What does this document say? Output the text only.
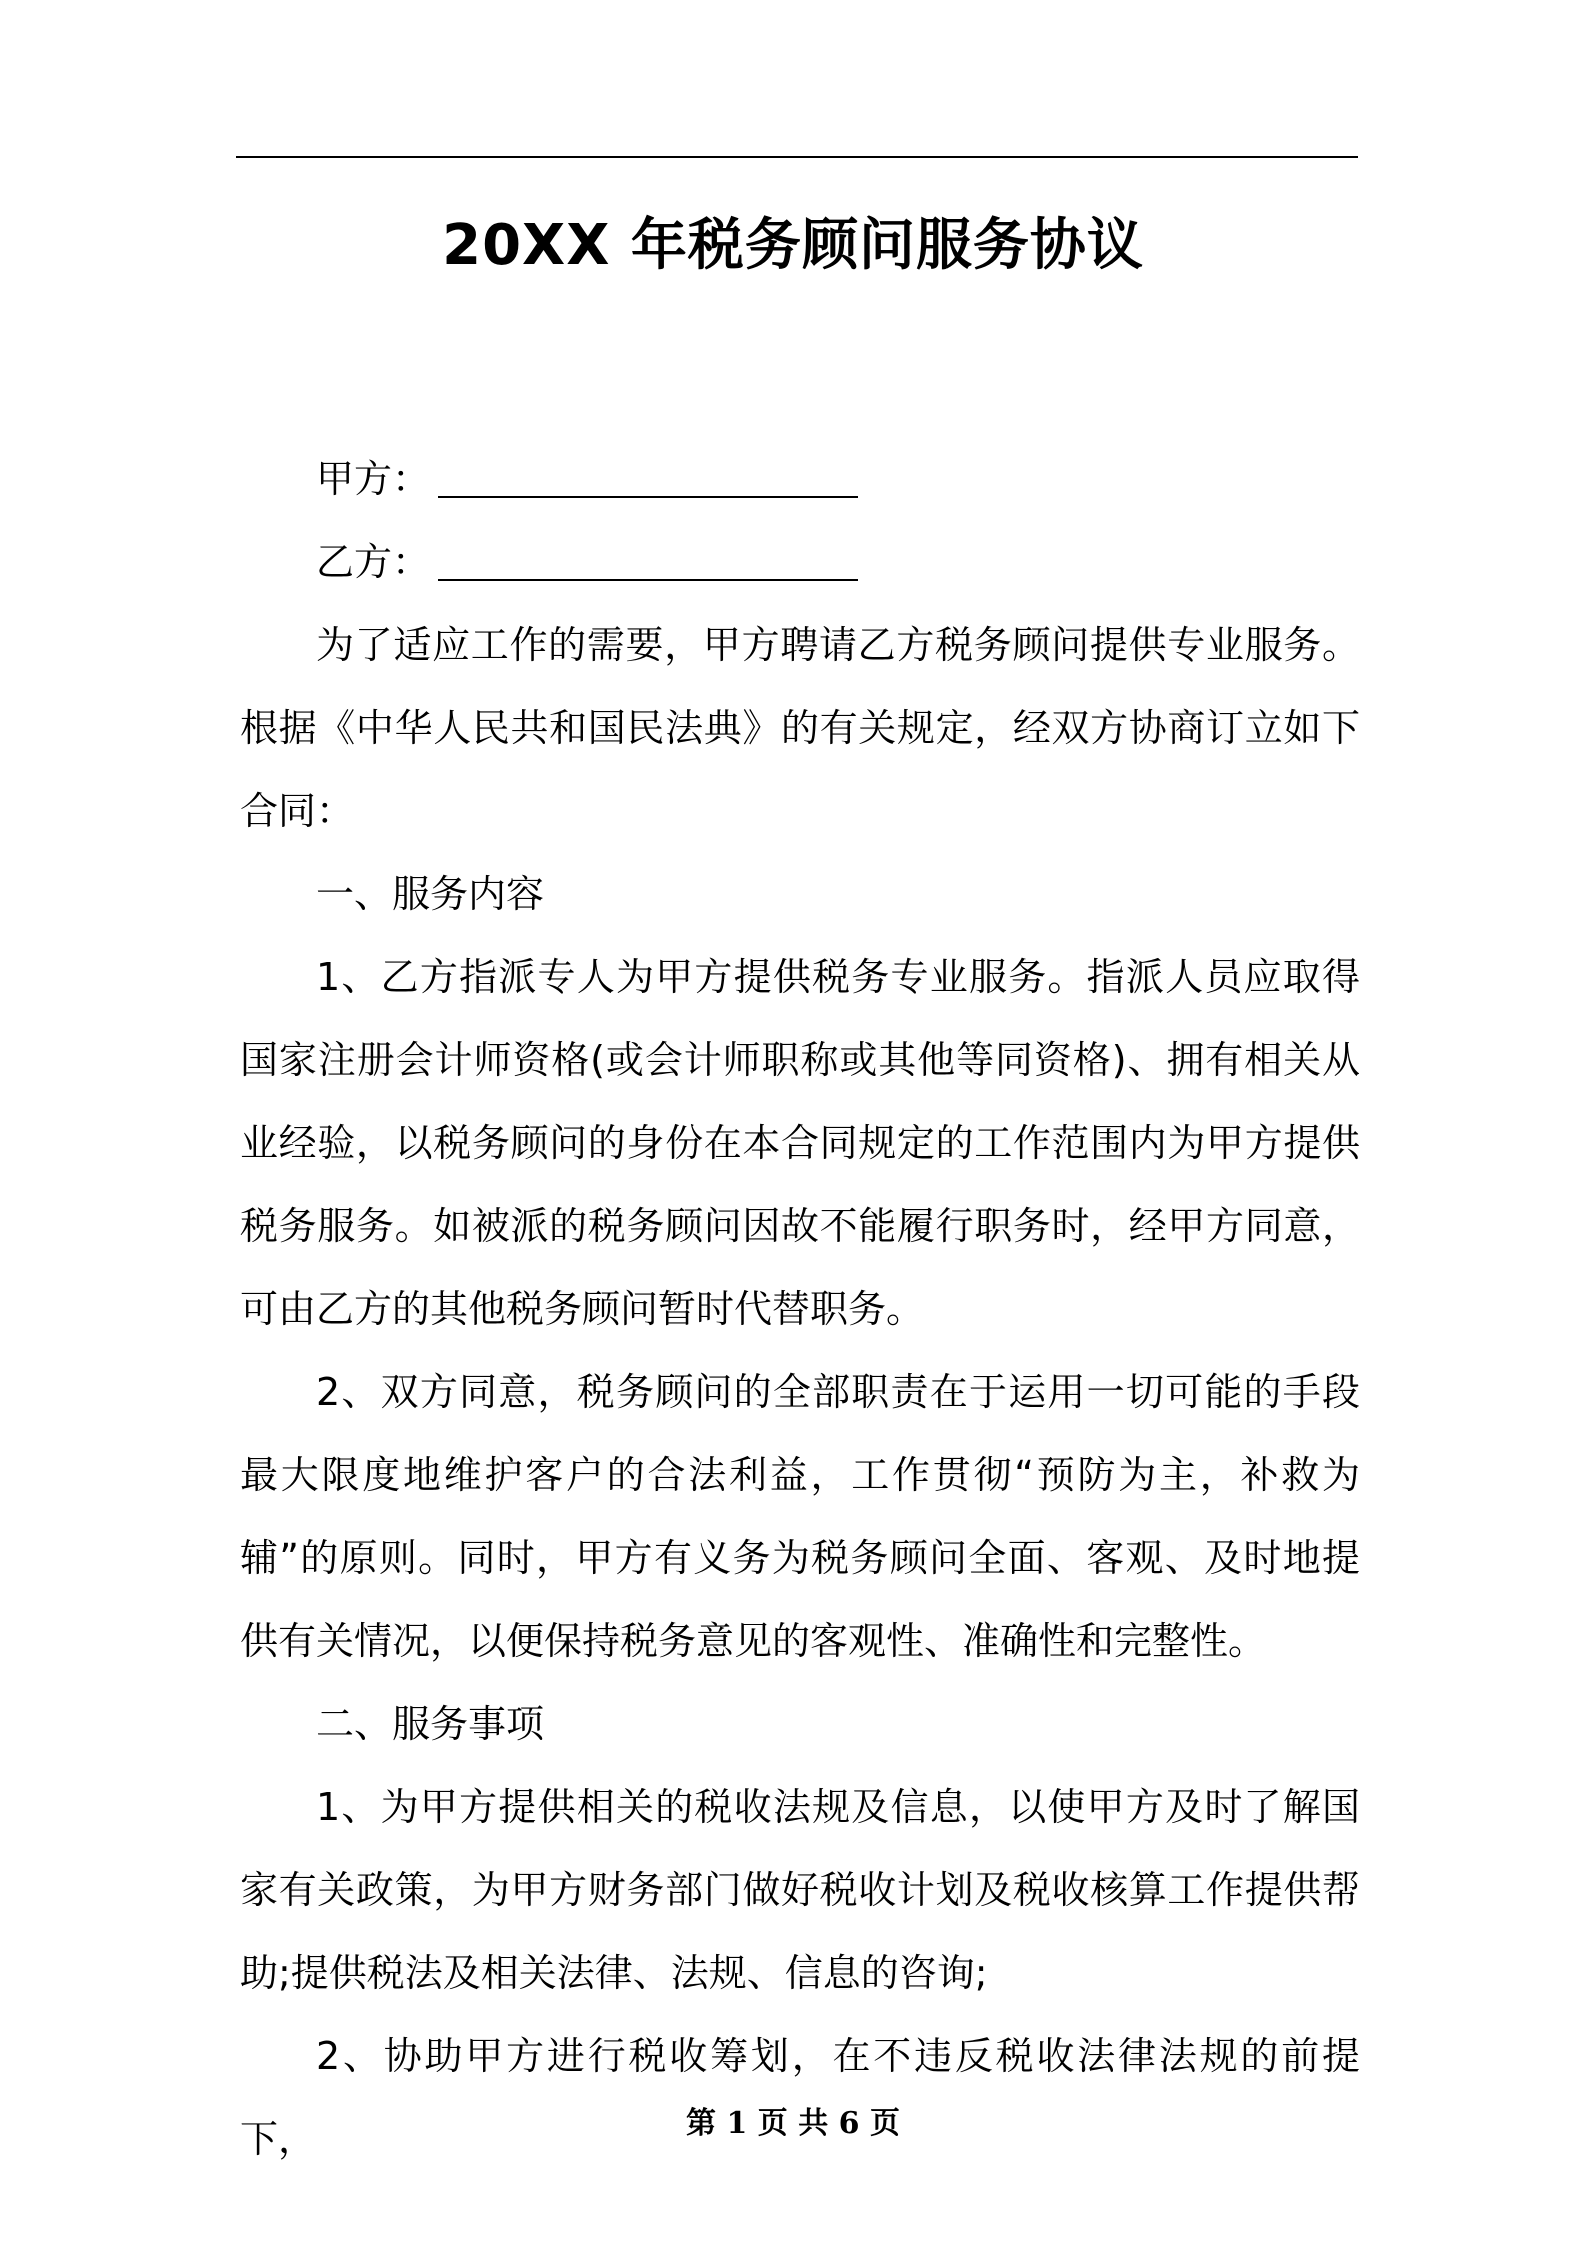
20XX 年税务顾问服务协议
甲方：
乙方：

为了适应工作的需要，甲方聘请乙方税务顾问提供专业服务。根据《中华人民共和国民法典》的有关规定，经双方协商订立如下合同：

一、服务内容

1、乙方指派专人为甲方提供税务专业服务。指派人员应取得国家注册会计师资格(或会计师职称或其他等同资格)、拥有相关从业经验，以税务顾问的身份在本合同规定的工作范围内为甲方提供税务服务。如被派的税务顾问因故不能履行职务时，经甲方同意，可由乙方的其他税务顾问暂时代替职务。

2、双方同意，税务顾问的全部职责在于运用一切可能的手段最大限度地维护客户的合法利益，工作贯彻“预防为主，补救为辅”的原则。同时，甲方有义务为税务顾问全面、客观、及时地提供有关情况，以便保持税务意见的客观性、准确性和完整性。

二、服务事项

1、为甲方提供相关的税收法规及信息，以使甲方及时了解国家有关政策，为甲方财务部门做好税收计划及税收核算工作提供帮助;提供税法及相关法律、法规、信息的咨询;

2、协助甲方进行税收筹划，在不违反税收法律法规的前提下，	第 1 页 共 6 页
